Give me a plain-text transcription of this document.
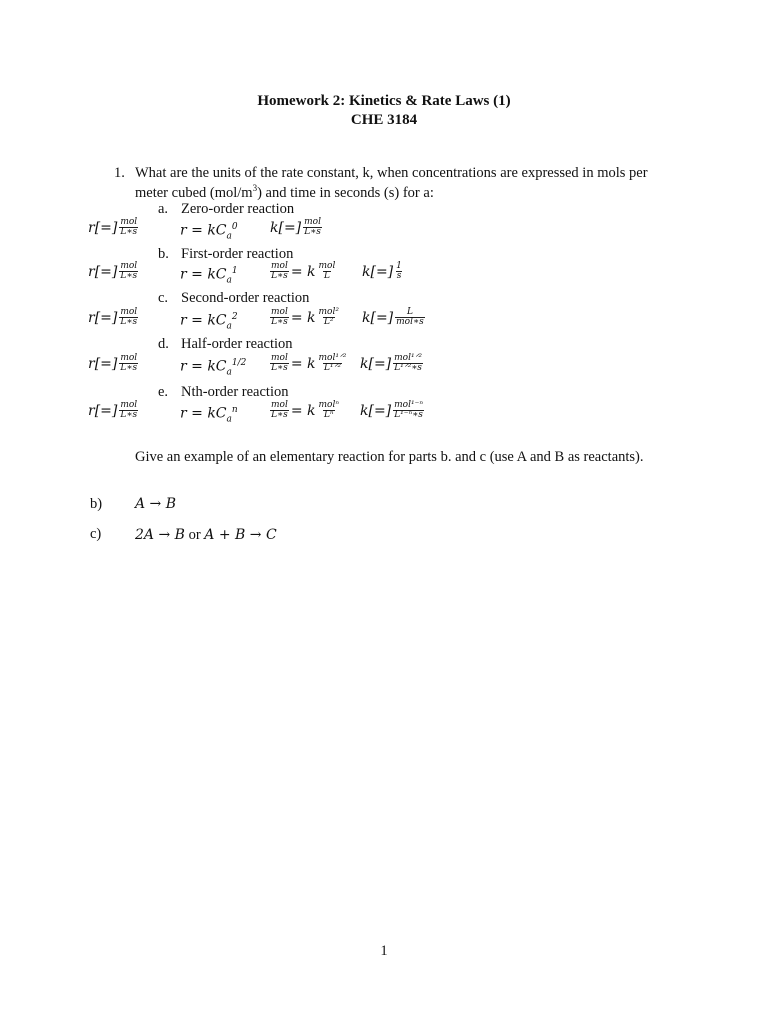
Homework 2: Kinetics & Rate Laws (1)
CHE 3184
1. What are the units of the rate constant, k, when concentrations are expressed in mols per
meter cubed $(mol/m^3)$ and time in seconds (s) for a:
a. Zero-order reaction
$r[=] \frac{\text{mol}}{L∗s}$	$r = kC_a^0$ $k[=] \frac{\text{mol}}{L∗s}$
b. First-order reaction
$r[=] \frac{\text{mol}}{L∗s}$	$r = kC_a^1$	$\frac{\text{mol}}{L∗s} = k \frac{\text{mol}}{L} k[=] \frac{1}{s}$
c. Second-order reaction
$r[=] \frac{\text{mol}}{L∗s}$	$r = kC_a^2$	$\frac{\text{mol}}{L∗s} = k \frac{\text{mol²}}{\text{L²}} k[=] \frac{L}{\text{mol∗s}}$
d. Half-order reaction
$r[=] \frac{\text{mol}}{L∗s}$	$r = kC_a^{1/2}$	$\frac{\text{mol}}{L∗s} = k \frac{\text{mol¹ᐟ²}}{\text{L¹ᐟ²}} k[=] \frac{\text{mol¹ᐟ²}}{\text{L¹ᐟ²∗s}}$
e. Nth-order reaction
$r[=] \frac{\text{mol}}{L∗s}$	$r = kC_a^n$	$\frac{\text{mol}}{L∗s} = k \frac{\text{molⁿ}}{\text{Lⁿ}} k[=] \frac{\text{mol¹⁻ⁿ}}{\text{L¹⁻ⁿ∗s}}$
Give an example of an elementary reaction for parts b. and c (use A and B as reactants).
b) A → B
c) 2A → B or A + B → C
1
